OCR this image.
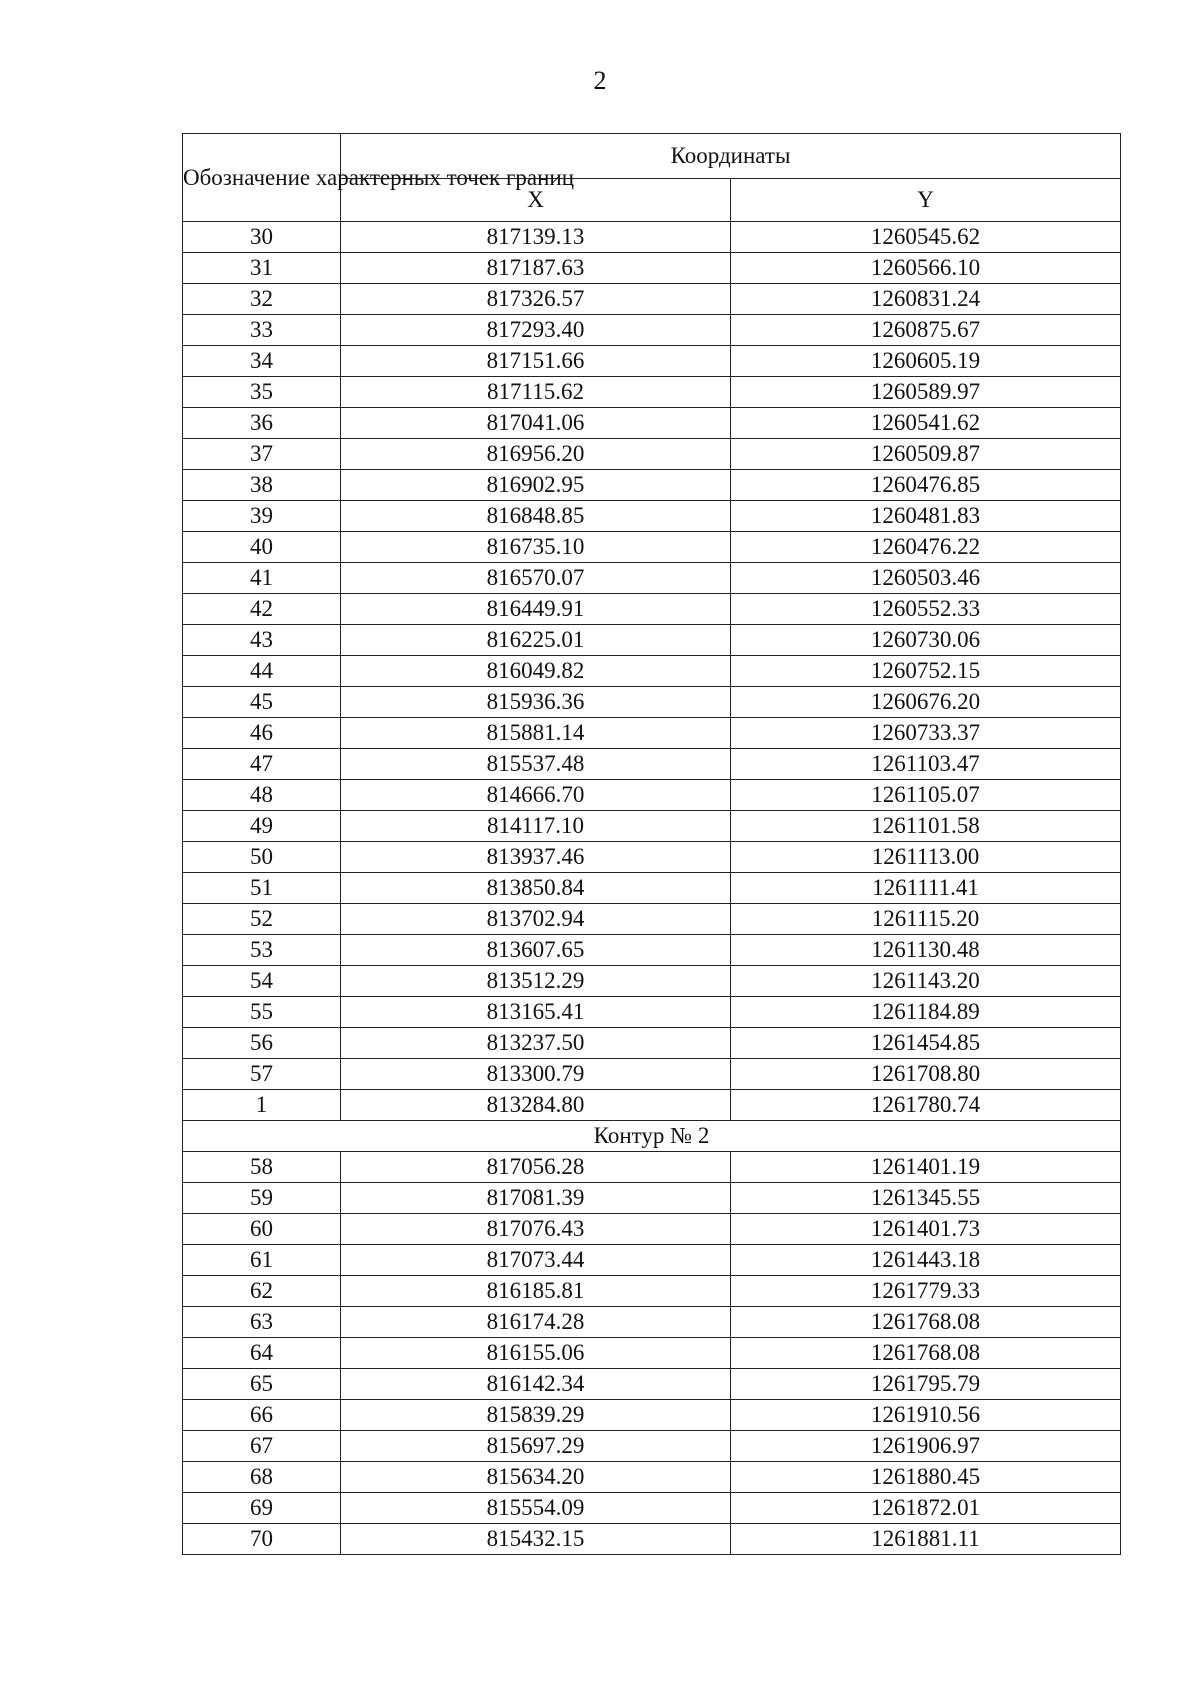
2
Обозначение характерных точек границ	Координаты	
	X	Y
30	817139.13	1260545.62
31	817187.63	1260566.10
32	817326.57	1260831.24
33	817293.40	1260875.67
34	817151.66	1260605.19
35	817115.62	1260589.97
36	817041.06	1260541.62
37	816956.20	1260509.87
38	816902.95	1260476.85
39	816848.85	1260481.83
40	816735.10	1260476.22
41	816570.07	1260503.46
42	816449.91	1260552.33
43	816225.01	1260730.06
44	816049.82	1260752.15
45	815936.36	1260676.20
46	815881.14	1260733.37
47	815537.48	1261103.47
48	814666.70	1261105.07
49	814117.10	1261101.58
50	813937.46	1261113.00
51	813850.84	1261111.41
52	813702.94	1261115.20
53	813607.65	1261130.48
54	813512.29	1261143.20
55	813165.41	1261184.89
56	813237.50	1261454.85
57	813300.79	1261708.80
1	813284.80	1261780.74
Контур № 2		
58	817056.28	1261401.19
59	817081.39	1261345.55
60	817076.43	1261401.73
61	817073.44	1261443.18
62	816185.81	1261779.33
63	816174.28	1261768.08
64	816155.06	1261768.08
65	816142.34	1261795.79
66	815839.29	1261910.56
67	815697.29	1261906.97
68	815634.20	1261880.45
69	815554.09	1261872.01
70	815432.15	1261881.11
